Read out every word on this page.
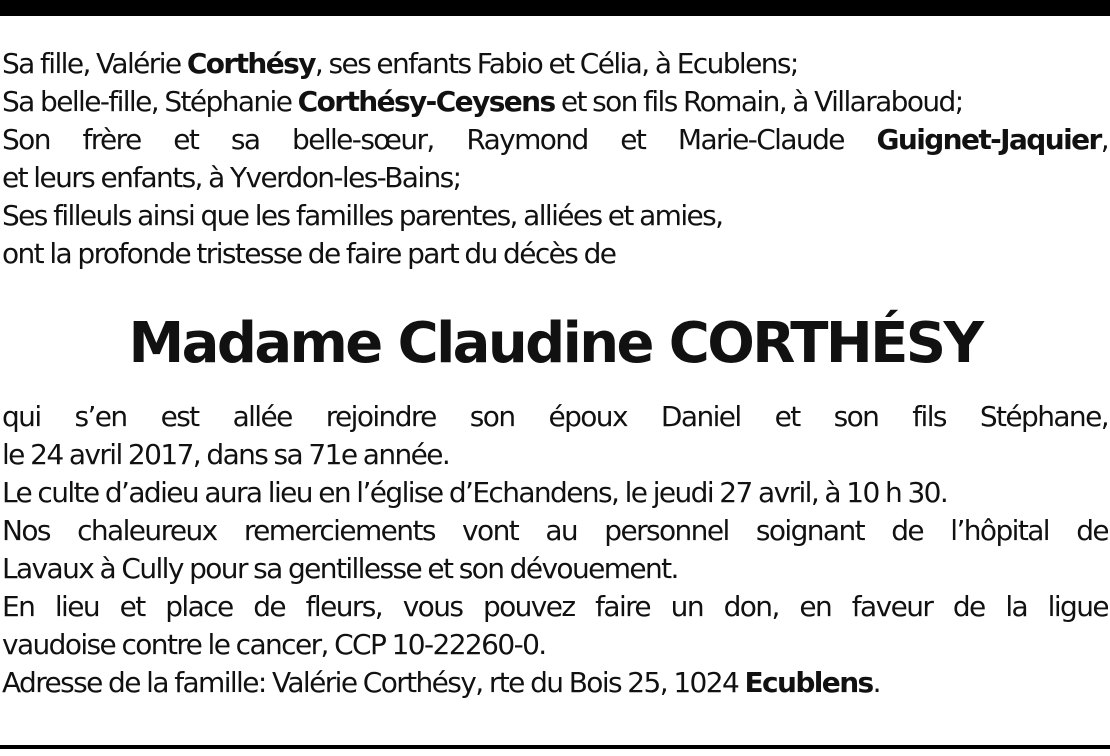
Sa fille, Valérie Corthésy, ses enfants Fabio et Célia, à Ecublens;
Sa belle-fille, Stéphanie Corthésy-Ceysens et son fils Romain, à Villaraboud;
Son frère et sa belle-sœur, Raymond et Marie-Claude Guignet-Jaquier,
et leurs enfants, à Yverdon-les-Bains;
Ses filleuls ainsi que les familles parentes, alliées et amies,
ont la profonde tristesse de faire part du décès de
Madame Claudine CORTHÉSY
qui s’en est allée rejoindre son époux Daniel et son fils Stéphane,
le 24 avril 2017, dans sa 71e année.
Le culte d’adieu aura lieu en l’église d’Echandens, le jeudi 27 avril, à 10 h 30.
Nos chaleureux remerciements vont au personnel soignant de l’hôpital de
Lavaux à Cully pour sa gentillesse et son dévouement.
En lieu et place de fleurs, vous pouvez faire un don, en faveur de la ligue
vaudoise contre le cancer, CCP 10-22260-0.
Adresse de la famille: Valérie Corthésy, rte du Bois 25, 1024 Ecublens.
